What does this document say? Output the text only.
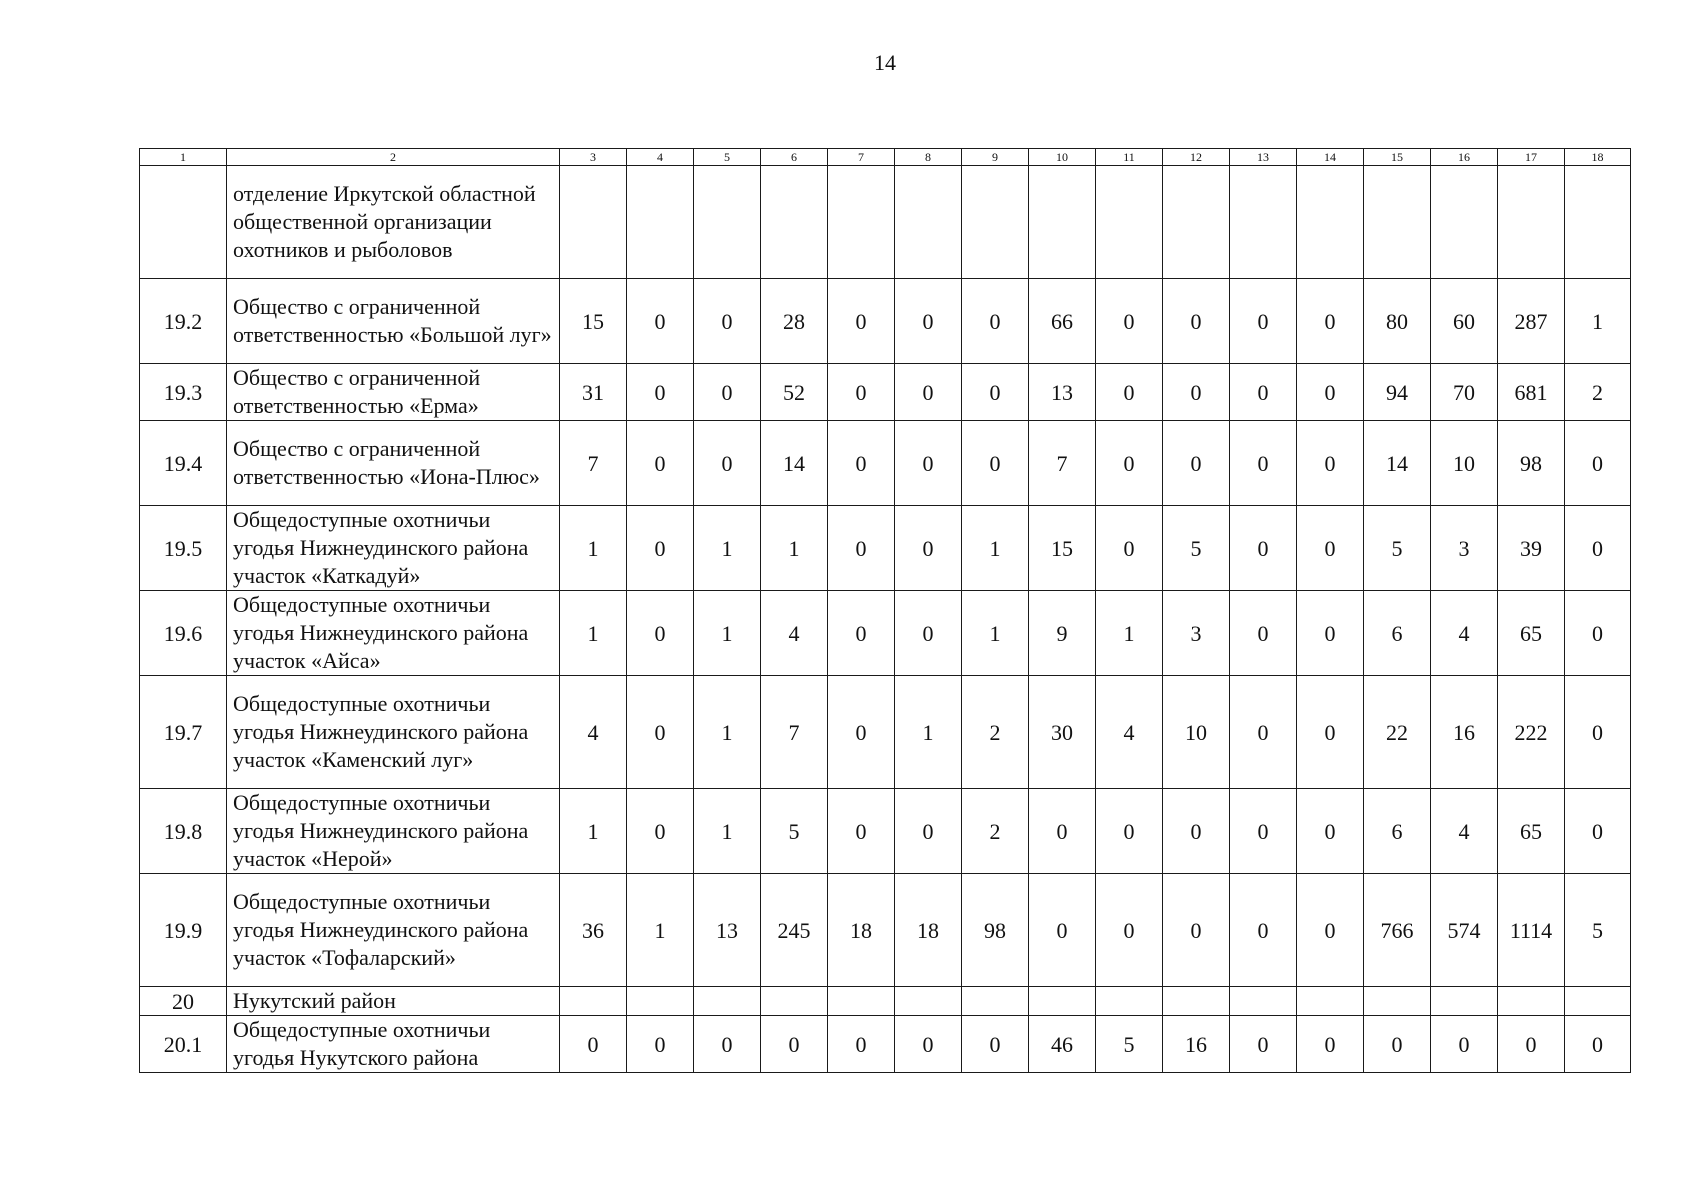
14
1	2	3	4	5	6	7	8	9	10	11	12	13	14	15	16	17	18
	отделение Иркутской областной общественной организации охотников и рыболовов																
19.2	Общество с ограниченной ответственностью «Большой луг»	15	0	0	28	0	0	0	66	0	0	0	0	80	60	287	1
19.3	Общество с ограниченной ответственностью «Ерма»	31	0	0	52	0	0	0	13	0	0	0	0	94	70	681	2
19.4	Общество с ограниченной ответственностью «Иона-Плюс»	7	0	0	14	0	0	0	7	0	0	0	0	14	10	98	0
19.5	Общедоступные охотничьи угодья Нижнеудинского района участок «Каткадуй»	1	0	1	1	0	0	1	15	0	5	0	0	5	3	39	0
19.6	Общедоступные охотничьи угодья Нижнеудинского района участок «Айса»	1	0	1	4	0	0	1	9	1	3	0	0	6	4	65	0
19.7	Общедоступные охотничьи угодья Нижнеудинского района участок «Каменский луг»	4	0	1	7	0	1	2	30	4	10	0	0	22	16	222	0
19.8	Общедоступные охотничьи угодья Нижнеудинского района участок «Нерой»	1	0	1	5	0	0	2	0	0	0	0	0	6	4	65	0
19.9	Общедоступные охотничьи угодья Нижнеудинского района участок «Тофаларский»	36	1	13	245	18	18	98	0	0	0	0	0	766	574	1114	5
20	Нукутский район																
20.1	Общедоступные охотничьи угодья Нукутского района	0	0	0	0	0	0	0	46	5	16	0	0	0	0	0	0
